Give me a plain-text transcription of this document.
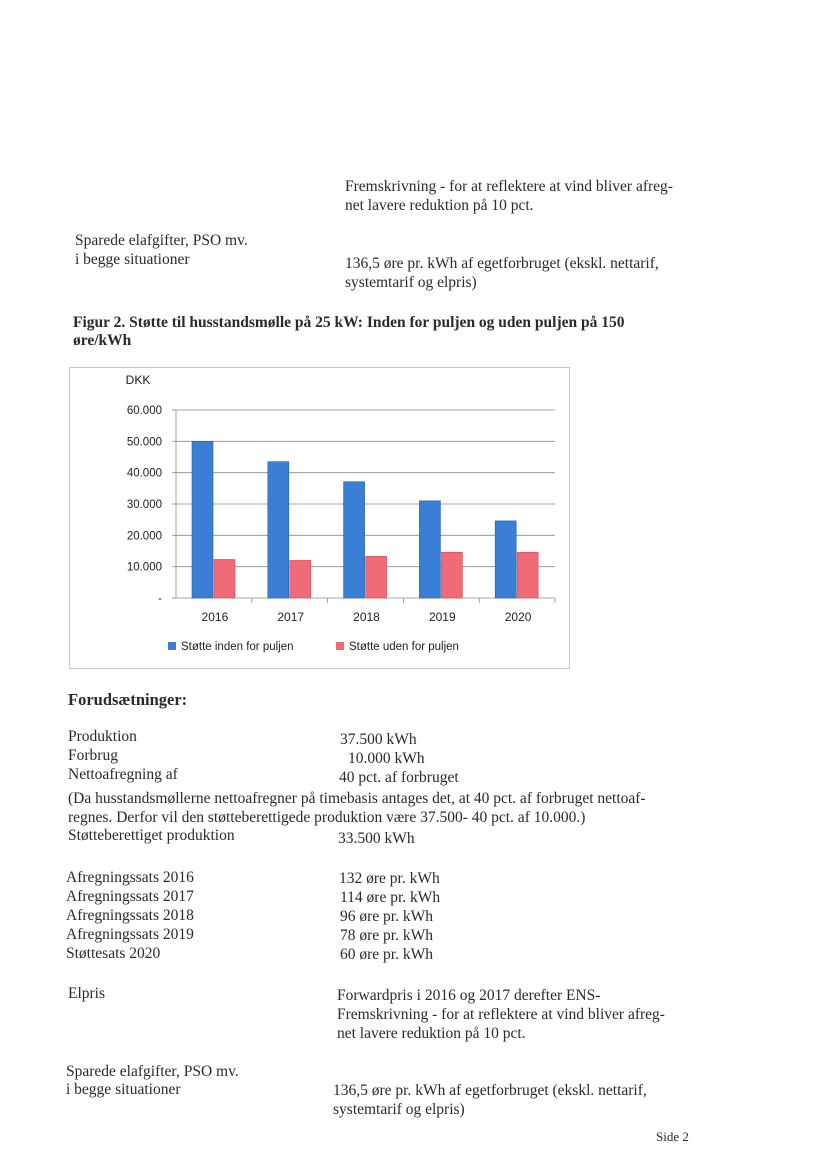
Fremskrivning - for at reflektere at vind bliver afreg-
net lavere reduktion på 10 pct.
Sparede elafgifter, PSO mv.
i begge situationer	136,5 øre pr. kWh af egetforbruget (ekskl. nettarif,
systemtarif og elpris)
Figur 2. Støtte til husstandsmølle på 25 kW: Inden for puljen og uden puljen på 150
øre/kWh
-
10.000
20.000
30.000
40.000
50.000
60.000
DKK
2016	2017	2018	2019	2020
Støtte inden for puljen	Støtte uden for puljen
Forudsætninger:
Produktion	37.500 kWh
Forbrug	10.000 kWh
Nettoafregning af	40 pct. af forbruget
(Da husstandsmøllerne nettoafregner på timebasis antages det, at 40 pct. af forbruget nettoaf-
regnes. Derfor vil den støtteberettigede produktion være 37.500- 40 pct. af 10.000.)
Støtteberettiget produktion	33.500 kWh
Afregningssats 2016	132 øre pr. kWh
Afregningssats 2017	114 øre pr. kWh
Afregningssats 2018	96 øre pr. kWh
Afregningssats 2019	78 øre pr. kWh
Støttesats 2020	60 øre pr. kWh
Elpris	Forwardpris i 2016 og 2017 derefter ENS-
Fremskrivning - for at reflektere at vind bliver afreg-
net lavere reduktion på 10 pct.
Sparede elafgifter, PSO mv.
i begge situationer	136,5 øre pr. kWh af egetforbruget (ekskl. nettarif,
systemtarif og elpris)
Side 2
